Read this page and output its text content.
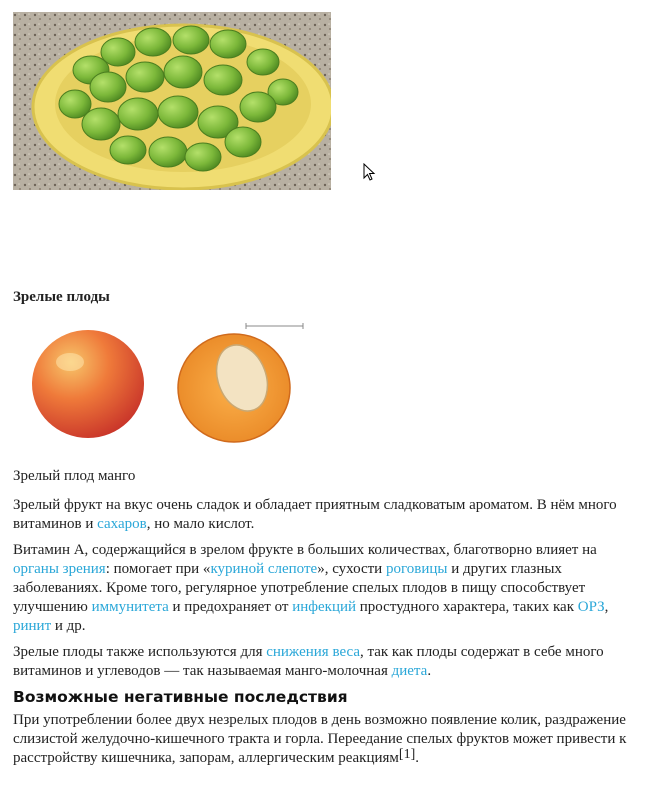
Зрелые плоды
Зрелый плод манго
Зрелый фрукт на вкус очень сладок и обладает приятным сладковатым ароматом. В нём много витаминов и сахаров, но мало кислот.
Витамин А, содержащийся в зрелом фрукте в больших количествах, благотворно влияет на органы зрения: помогает при «куриной слепоте», сухости роговицы и других глазных заболеваниях. Кроме того, регулярное употребление спелых плодов в пищу способствует улучшению иммунитета и предохраняет от инфекций простудного характера, таких как ОРЗ, ринит и др.
Зрелые плоды также используются для снижения веса, так как плоды содержат в себе много витаминов и углеводов — так называемая манго-молочная диета.
Возможные негативные последствия
При употреблении более двух незрелых плодов в день возможно появление колик, раздражение слизистой желудочно-кишечного тракта и горла. Переедание спелых фруктов может привести к расстройству кишечника, запорам, аллергическим реакциям[1].
